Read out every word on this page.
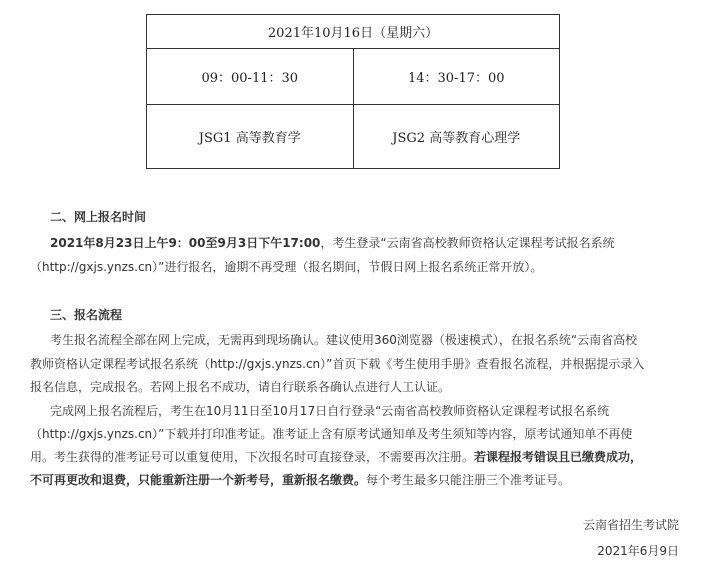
2021年10月16日（星期六）	
09：00-11：30	14：30-17：00
JSG1 高等教育学	JSG2 高等教育心理学
二、网上报名时间
2021年8月23日上午9：00至9月3日下午17:00，考生登录“云南省高校教师资格认定课程考试报名系统
（http://gxjs.ynzs.cn）”进行报名，逾期不再受理（报名期间，节假日网上报名系统正常开放）。
三、报名流程
考生报名流程全部在网上完成，无需再到现场确认。建议使用360浏览器（极速模式），在报名系统“云南省高校
教师资格认定课程考试报名系统（http://gxjs.ynzs.cn）”首页下载《考生使用手册》查看报名流程，并根据提示录入
报名信息，完成报名。若网上报名不成功，请自行联系各确认点进行人工认证。
完成网上报名流程后，考生在10月11日至10月17日自行登录“云南省高校教师资格认定课程考试报名系统
（http://gxjs.ynzs.cn）”下载并打印准考证。准考证上含有原考试通知单及考生须知等内容，原考试通知单不再使
用。考生获得的准考证号可以重复使用，下次报名时可直接登录，不需要再次注册。若课程报考错误且已缴费成功，
不可再更改和退费，只能重新注册一个新考号，重新报名缴费。每个考生最多只能注册三个准考证号。
云南省招生考试院
2021年6月9日
